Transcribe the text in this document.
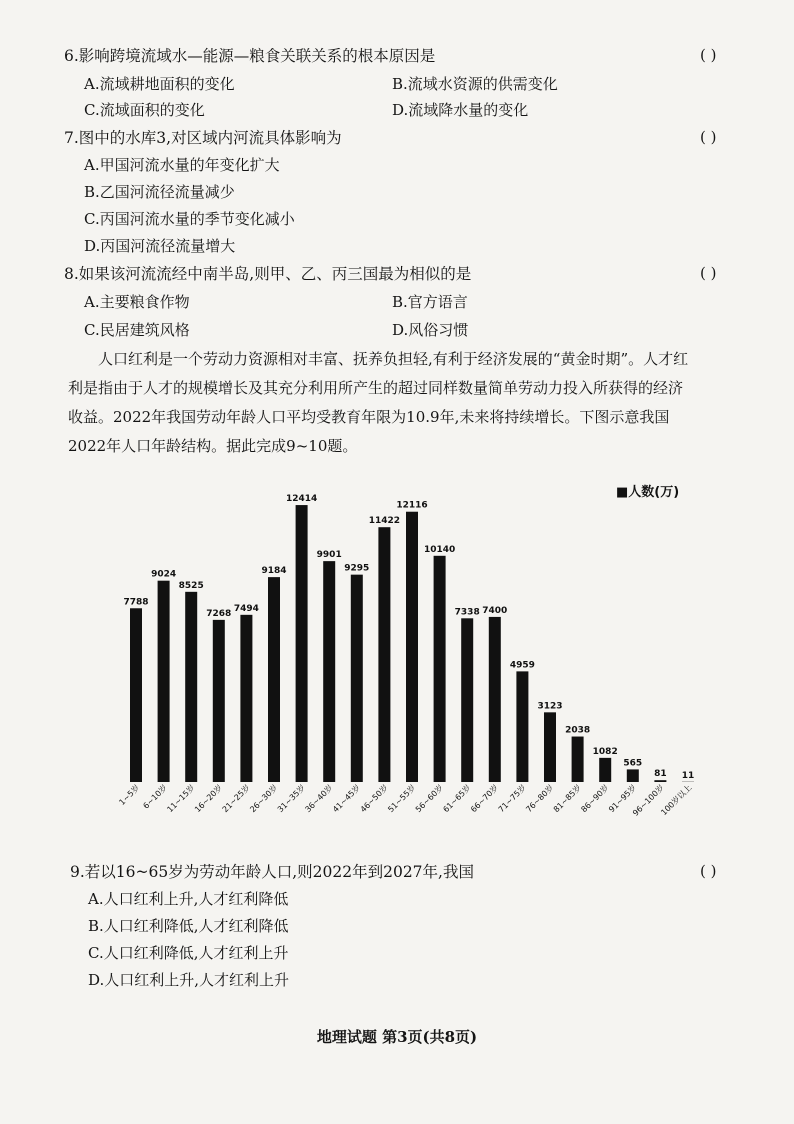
6.影响跨境流域水—能源—粮食关联关系的根本原因是	( )
A.流域耕地面积的变化	B.流域水资源的供需变化
C.流域面积的变化	D.流域降水量的变化
7.图中的水库3,对区域内河流具体影响为	( )
A.甲国河流水量的年变化扩大
B.乙国河流径流量减少
C.丙国河流水量的季节变化减小
D.丙国河流径流量增大
8.如果该河流流经中南半岛,则甲、乙、丙三国最为相似的是	( )
A.主要粮食作物	B.官方语言
C.民居建筑风格	D.风俗习惯
人口红利是一个劳动力资源相对丰富、抚养负担轻,有利于经济发展的“黄金时期”。人才红
利是指由于人才的规模增长及其充分利用所产生的超过同样数量简单劳动力投入所获得的经济
收益。2022年我国劳动年龄人口平均受教育年限为10.9年,未来将持续增长。下图示意我国
2022年人口年龄结构。据此完成9~10题。
■人数(万)
7788
1~5岁
9024
6~10岁
8525
11~15岁
7268
16~20岁
7494
21~25岁
9184
26~30岁
12414
31~35岁
9901
36~40岁
9295
41~45岁
11422
46~50岁
12116
51~55岁
10140
56~60岁
7338
61~65岁
7400
66~70岁
4959
71~75岁
3123
76~80岁
2038
81~85岁
1082
86~90岁
565
91~95岁
81
96~100岁
11
100岁以上
9.若以16~65岁为劳动年龄人口,则2022年到2027年,我国	( )
A.人口红利上升,人才红利降低
B.人口红利降低,人才红利降低
C.人口红利降低,人才红利上升
D.人口红利上升,人才红利上升
地理试题 第3页(共8页)
